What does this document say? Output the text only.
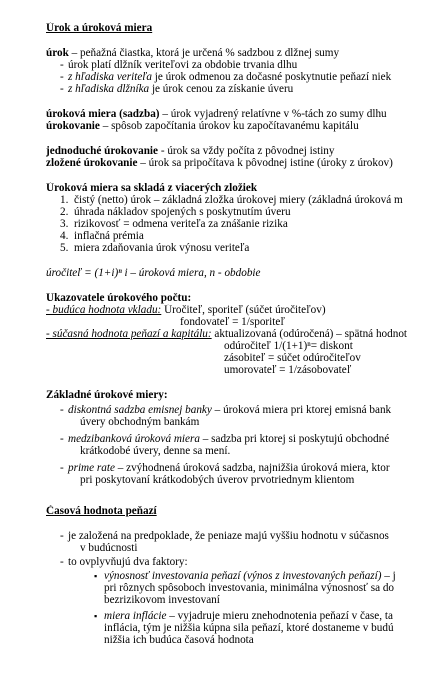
Úrok a úroková miera
úrok – peňažná čiastka, ktorá je určená % sadzbou z dlžnej sumy
- úrok platí dlžník veriteľovi za obdobie trvania dlhu
- z hľadiska veriteľa je úrok odmenou za dočasné poskytnutie peňazí niek
- z hľadiska dlžníka je úrok cenou za získanie úveru
úroková miera (sadzba) – úrok vyjadrený relatívne v %-tách zo sumy dlhu
úrokovanie – spôsob započítania úrokov ku započítavanému kapitálu
jednoduché úrokovanie - úrok sa vždy počíta z pôvodnej istiny
zložené úrokovanie – úrok sa pripočítava k pôvodnej istine (úroky z úrokov)
Úroková miera sa skladá z viacerých zložiek
1. čistý (netto) úrok – základná zložka úrokovej miery (základná úroková m
2. úhrada nákladov spojených s poskytnutím úveru
3. rizikovosť = odmena veriteľa za znášanie rizika
4. inflačná prémia
5. miera zdaňovania úrok výnosu veriteľa
úročiteľ = (1+i)ⁿ i – úroková miera, n - obdobie
Ukazovatele úrokového počtu:
- budúca hodnota vkladu: Úročiteľ, sporiteľ (súčet úročiteľov)
fondovateľ = 1/sporiteľ
- súčasná hodnota peňazí a kapitálu: aktualizovaná (odúročená) – spätná hodnot
odúročiteľ 1/(1+1)ⁿ= diskont
zásobiteľ = súčet odúročiteľov
umorovateľ = 1/zásobovateľ
Základné úrokové miery:
- diskontná sadzba emisnej banky – úroková miera pri ktorej emisná bank
úvery obchodným bankám
- medzibanková úroková miera – sadzba pri ktorej si poskytujú obchodné
krátkodobé úvery, denne sa mení.
- prime rate – zvýhodnená úroková sadzba, najnižšia úroková miera, ktor
pri poskytovaní krátkodobých úverov prvotriednym klientom
Časová hodnota peňazí
- je založená na predpoklade, že peniaze majú vyššiu hodnotu v súčasnos
v budúcnosti
- to ovplyvňujú dva faktory:
▪ výnosnosť investovania peňazí (výnos z investovaných peňazí) – j
pri rôznych spôsoboch investovania, minimálna výnosnosť sa do
bezrizikovom investovaní
▪ miera inflácie – vyjadruje mieru znehodnotenia peňazí v čase, ta
inflácia, tým je nižšia kúpna sila peňazí, ktoré dostaneme v budú
nižšia ich budúca časová hodnota
